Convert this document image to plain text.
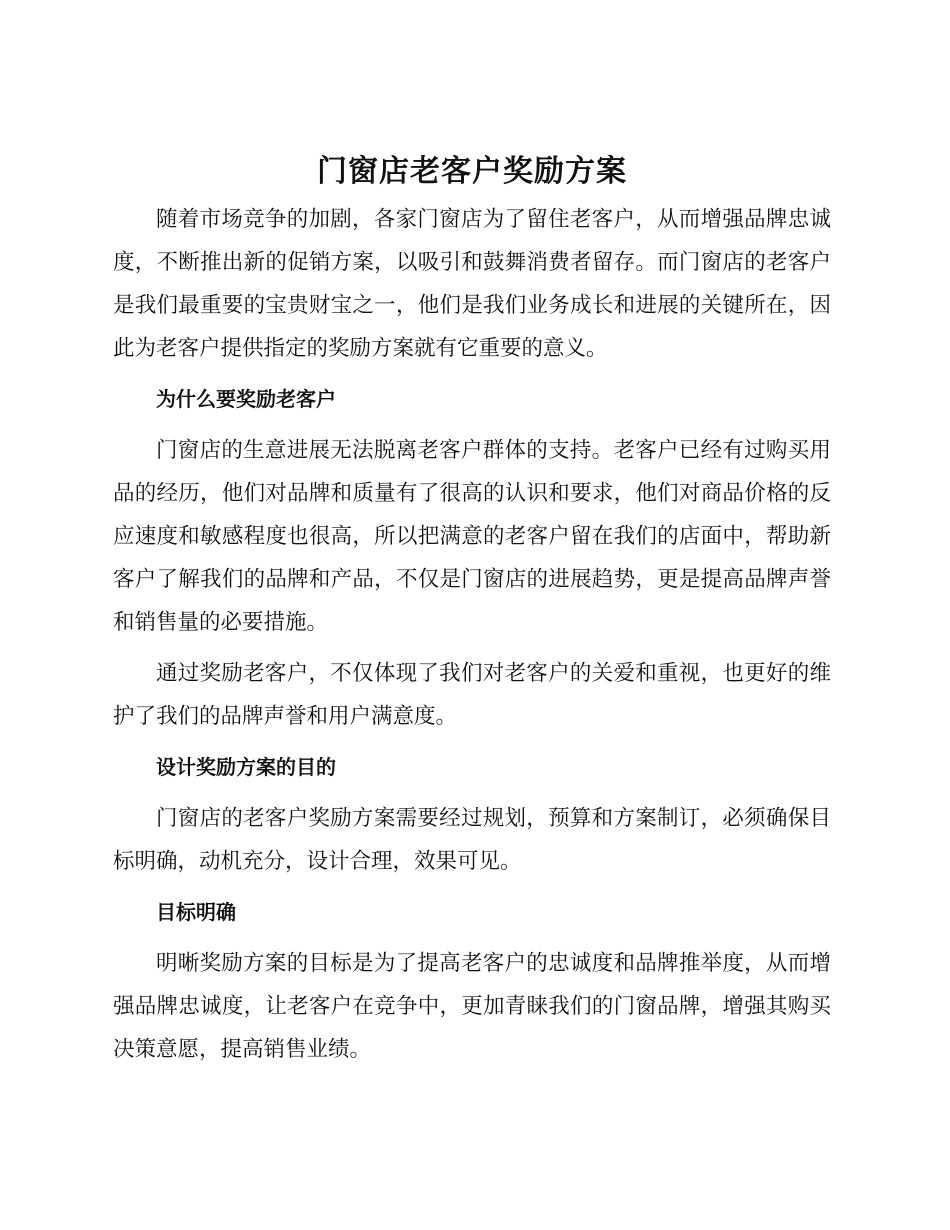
门窗店老客户奖励方案

随着市场竞争的加剧，各家门窗店为了留住老客户，从而增强品牌忠诚度，不断推出新的促销方案，以吸引和鼓舞消费者留存。而门窗店的老客户是我们最重要的宝贵财宝之一，他们是我们业务成长和进展的关键所在，因此为老客户提供指定的奖励方案就有它重要的意义。

为什么要奖励老客户

门窗店的生意进展无法脱离老客户群体的支持。老客户已经有过购买用品的经历，他们对品牌和质量有了很高的认识和要求，他们对商品价格的反应速度和敏感程度也很高，所以把满意的老客户留在我们的店面中，帮助新客户了解我们的品牌和产品，不仅是门窗店的进展趋势，更是提高品牌声誉和销售量的必要措施。

通过奖励老客户，不仅体现了我们对老客户的关爱和重视，也更好的维护了我们的品牌声誉和用户满意度。

设计奖励方案的目的

门窗店的老客户奖励方案需要经过规划，预算和方案制订，必须确保目标明确，动机充分，设计合理，效果可见。

目标明确

明晰奖励方案的目标是为了提高老客户的忠诚度和品牌推举度，从而增强品牌忠诚度，让老客户在竞争中，更加青睐我们的门窗品牌，增强其购买决策意愿，提高销售业绩。
